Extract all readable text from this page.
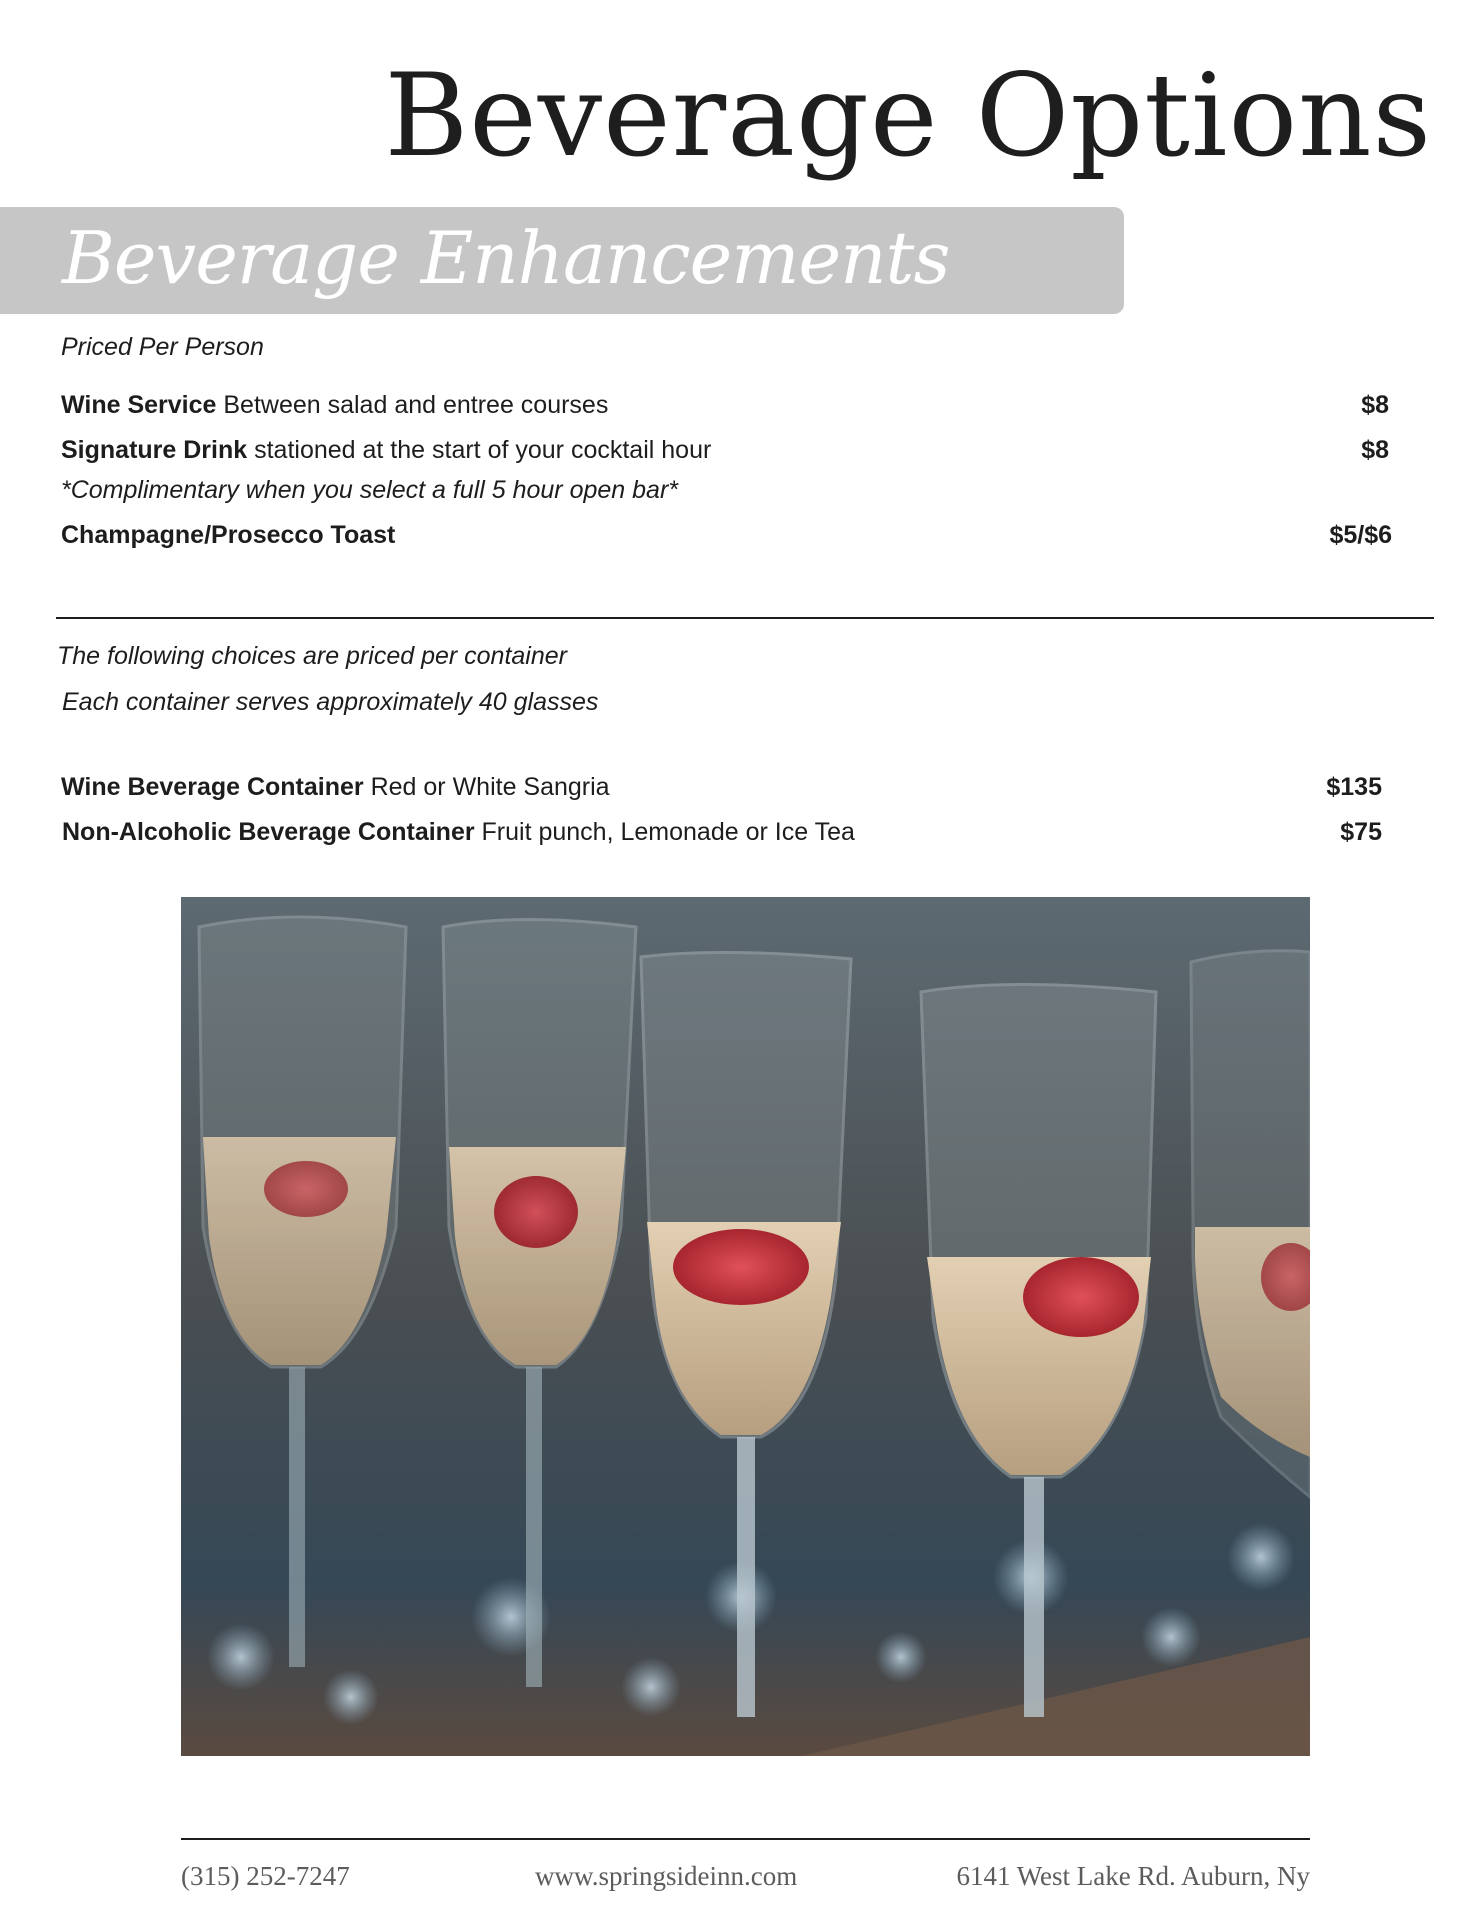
Beverage Options
Beverage Enhancements
Priced Per Person
Wine Service Between salad and entree courses	$8
Signature Drink stationed at the start of your cocktail hour	$8
*Complimentary when you select a full 5 hour open bar*
Champagne/Prosecco Toast	$5/$6
The following choices are priced per container
Each container serves approximately 40 glasses
Wine Beverage Container Red or White Sangria	$135
Non-Alcoholic Beverage Container Fruit punch, Lemonade or Ice Tea	$75
(315) 252-7247	www.springsideinn.com	6141 West Lake Rd. Auburn, Ny
